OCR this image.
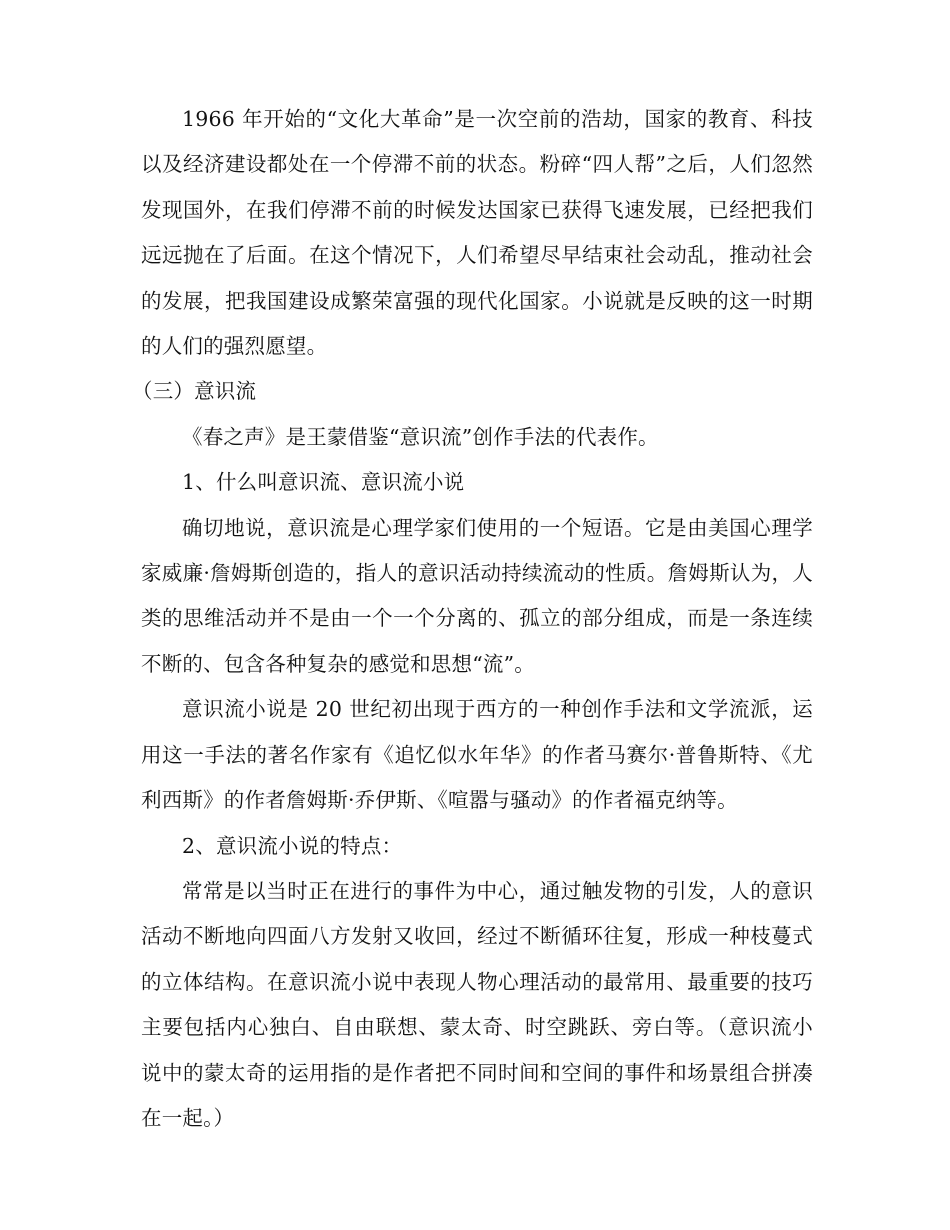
1966 年开始的“文化大革命”是一次空前的浩劫，国家的教育、科技以及经济建设都处在一个停滞不前的状态。粉碎“四人帮”之后，人们忽然发现国外，在我们停滞不前的时候发达国家已获得飞速发展，已经把我们远远抛在了后面。在这个情况下，人们希望尽早结束社会动乱，推动社会的发展，把我国建设成繁荣富强的现代化国家。小说就是反映的这一时期的人们的强烈愿望。

（三）意识流

《春之声》是王蒙借鉴“意识流”创作手法的代表作。

1、什么叫意识流、意识流小说

确切地说，意识流是心理学家们使用的一个短语。它是由美国心理学家威廉·詹姆斯创造的，指人的意识活动持续流动的性质。詹姆斯认为，人类的思维活动并不是由一个一个分离的、孤立的部分组成，而是一条连续不断的、包含各种复杂的感觉和思想“流”。

意识流小说是 20 世纪初出现于西方的一种创作手法和文学流派，运用这一手法的著名作家有《追忆似水年华》的作者马赛尔·普鲁斯特、《尤利西斯》的作者詹姆斯·乔伊斯、《喧嚣与骚动》的作者福克纳等。

2、意识流小说的特点：

常常是以当时正在进行的事件为中心，通过触发物的引发，人的意识活动不断地向四面八方发射又收回，经过不断循环往复，形成一种枝蔓式的立体结构。在意识流小说中表现人物心理活动的最常用、最重要的技巧主要包括内心独白、自由联想、蒙太奇、时空跳跃、旁白等。（意识流小说中的蒙太奇的运用指的是作者把不同时间和空间的事件和场景组合拼凑在一起。）
